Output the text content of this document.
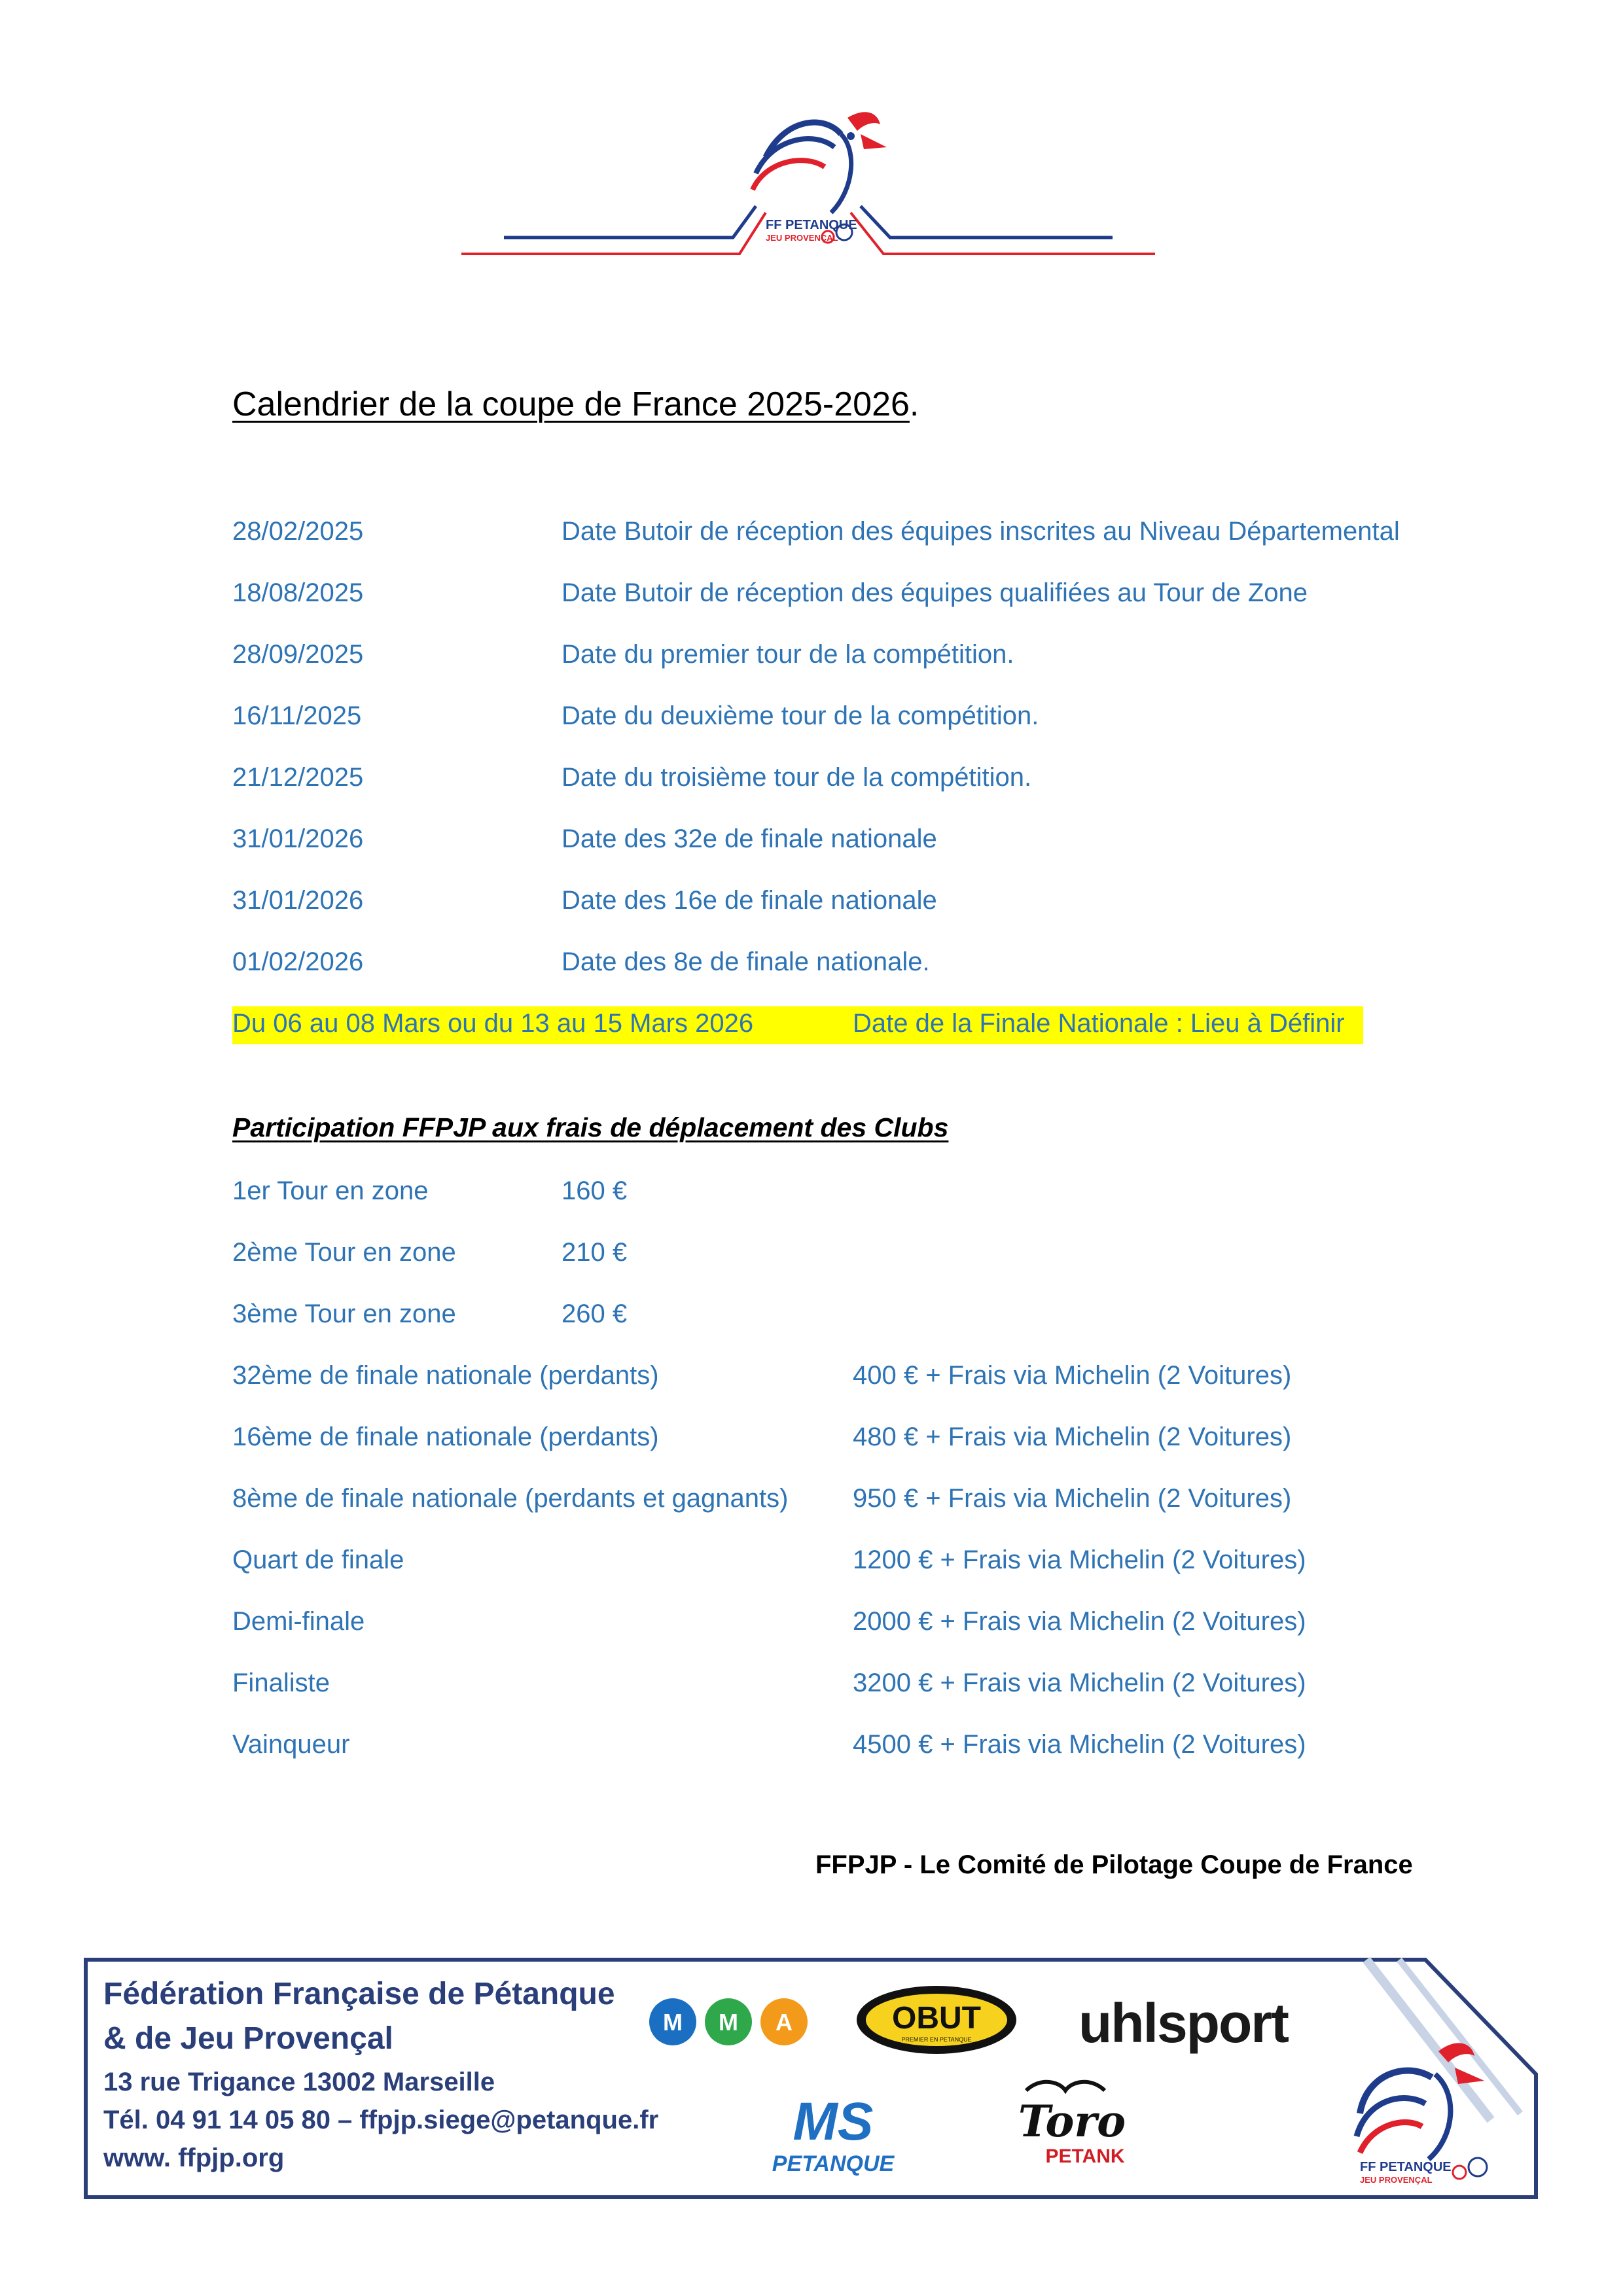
FF PETANQUE
JEU PROVENÇAL
Calendrier de la coupe de France 2025-2026.
28/02/2025	Date Butoir de réception des équipes inscrites au Niveau Départemental
18/08/2025	Date Butoir de réception des équipes qualifiées au Tour de Zone
28/09/2025	Date du premier tour de la compétition.
16/11/2025	Date du deuxième tour de la compétition.
21/12/2025	Date du troisième tour de la compétition.
31/01/2026	Date des 32e de finale nationale
31/01/2026	Date des 16e de finale nationale
01/02/2026	Date des 8e de finale nationale.
Du 06 au 08 Mars ou du 13 au 15 Mars 2026	Date de la Finale Nationale : Lieu à Définir
Participation FFPJP aux frais de déplacement des Clubs
1er Tour en zone	160 €
2ème Tour en zone	210 €
3ème Tour en zone	260 €
32ème de finale nationale (perdants)	400 € + Frais via Michelin (2 Voitures)
16ème de finale nationale (perdants)	480 € + Frais via Michelin (2 Voitures)
8ème de finale nationale (perdants et gagnants) 950 € + Frais via Michelin (2 Voitures)
Quart de finale	1200 € + Frais via Michelin (2 Voitures)
Demi-finale	2000 € + Frais via Michelin (2 Voitures)
Finaliste	3200 € + Frais via Michelin (2 Voitures)
Vainqueur	4500 € + Frais via Michelin (2 Voitures)
FFPJP - Le Comité de Pilotage Coupe de France
Fédération Française de Pétanque
& de Jeu Provençal
13 rue Trigance 13002 Marseille
Tél. 04 91 14 05 80 – ffpjp.siege@petanque.fr
www. ffpjp.org
M M A	OBUT
PREMIER EN PETANQUE uhlsport
MS
PETANQUE
Toro
PETANK	FF PETANQUE
JEU PROVENÇAL
